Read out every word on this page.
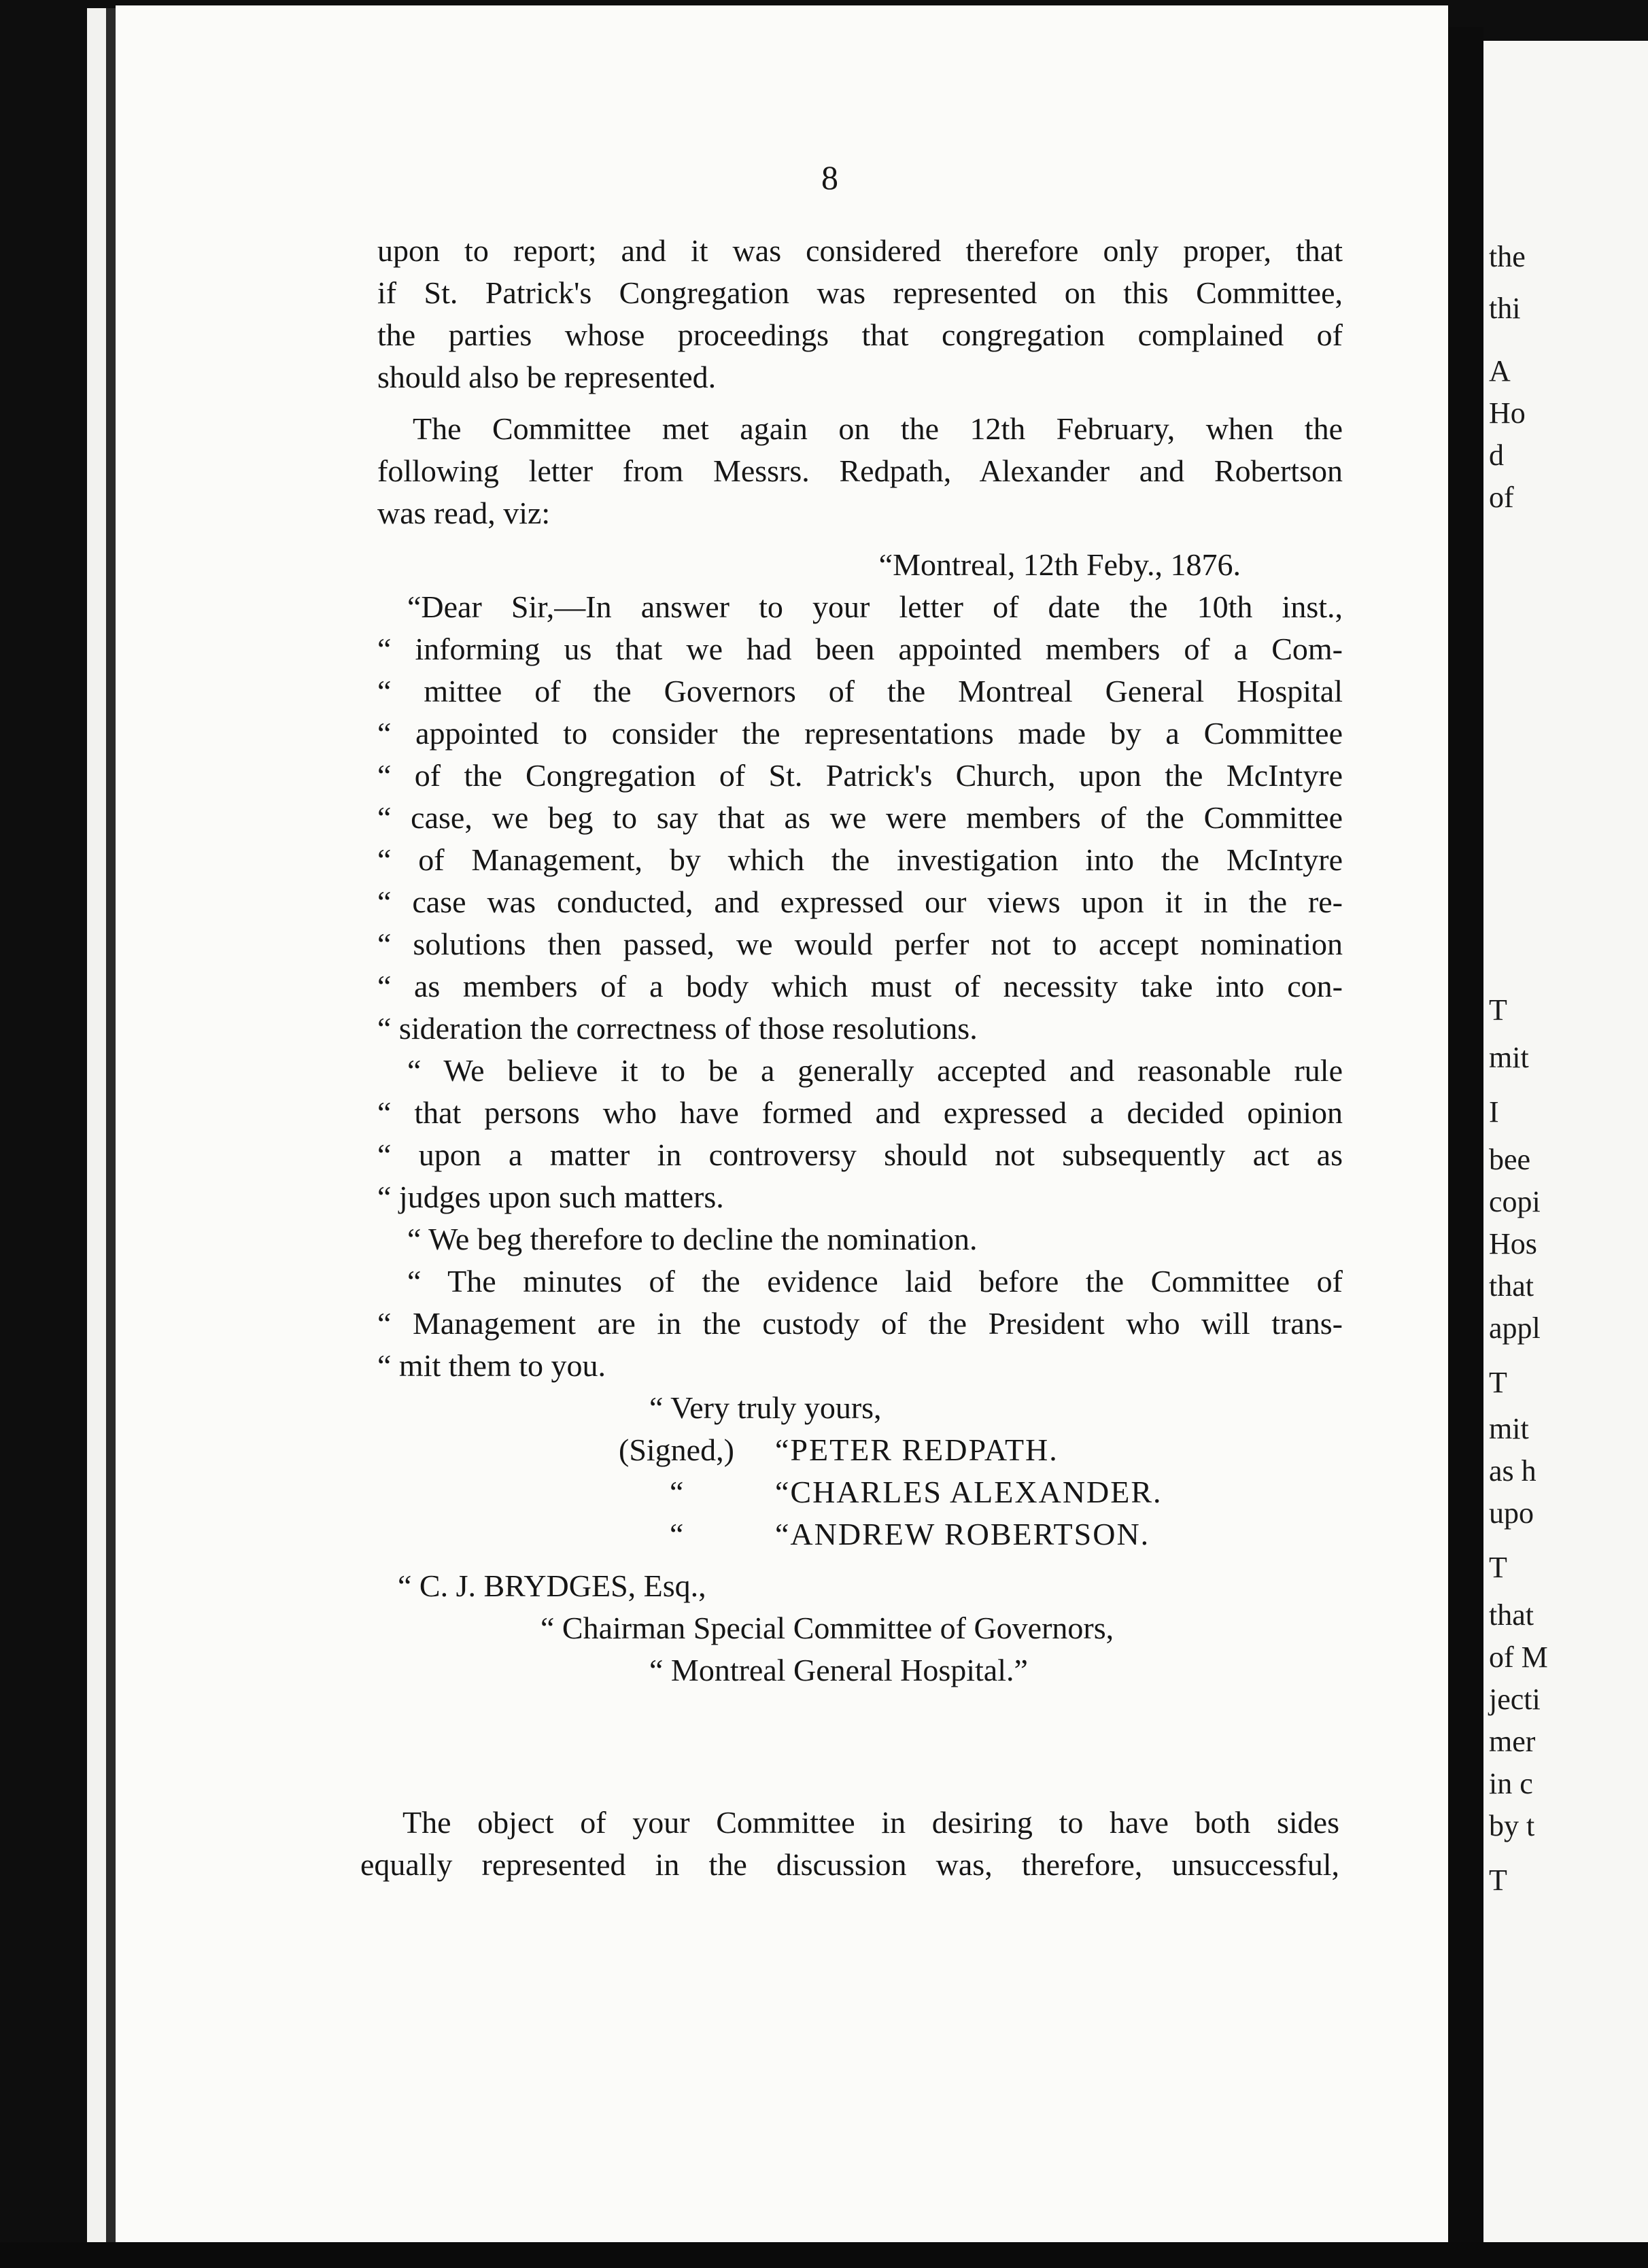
8
upon to report; and it was considered therefore only proper, that
if St. Patrick's Congregation was represented on this Committee,
the parties whose proceedings that congregation complained of
should also be represented.
The Committee met again on the 12th February, when the
following letter from Messrs. Redpath, Alexander and Robertson
was read, viz:
“Montreal, 12th Feby., 1876.
“Dear Sir,—In answer to your letter of date the 10th inst.,
“ informing us that we had been appointed members of a Com-
“ mittee of the Governors of the Montreal General Hospital
“ appointed to consider the representations made by a Committee
“ of the Congregation of St. Patrick's Church, upon the McIntyre
“ case, we beg to say that as we were members of the Committee
“ of Management, by which the investigation into the McIntyre
“ case was conducted, and expressed our views upon it in the re-
“ solutions then passed, we would perfer not to accept nomination
“ as members of a body which must of necessity take into con-
“ sideration the correctness of those resolutions.
“ We believe it to be a generally accepted and reasonable rule
“ that persons who have formed and expressed a decided opinion
“ upon a matter in controversy should not subsequently act as
“ judges upon such matters.
“ We beg therefore to decline the nomination.
“ The minutes of the evidence laid before the Committee of
“ Management are in the custody of the President who will trans-
“ mit them to you.
“ Very truly yours,
(Signed,) “PETER REDPATH.
“	“CHARLES ALEXANDER.
“	“ANDREW ROBERTSON.
“ C. J. BRYDGES, Esq.,
“ Chairman Special Committee of Governors,
“ Montreal General Hospital.”
The object of your Committee in desiring to have both sides
equally represented in the discussion was, therefore, unsuccessful,
the
thi
A
Ho
d
of
T
mit
I
bee
copi
Hos
that
appl
T
mit
as h
upo
T
that
of M
jecti
mer
in c
by t
T
